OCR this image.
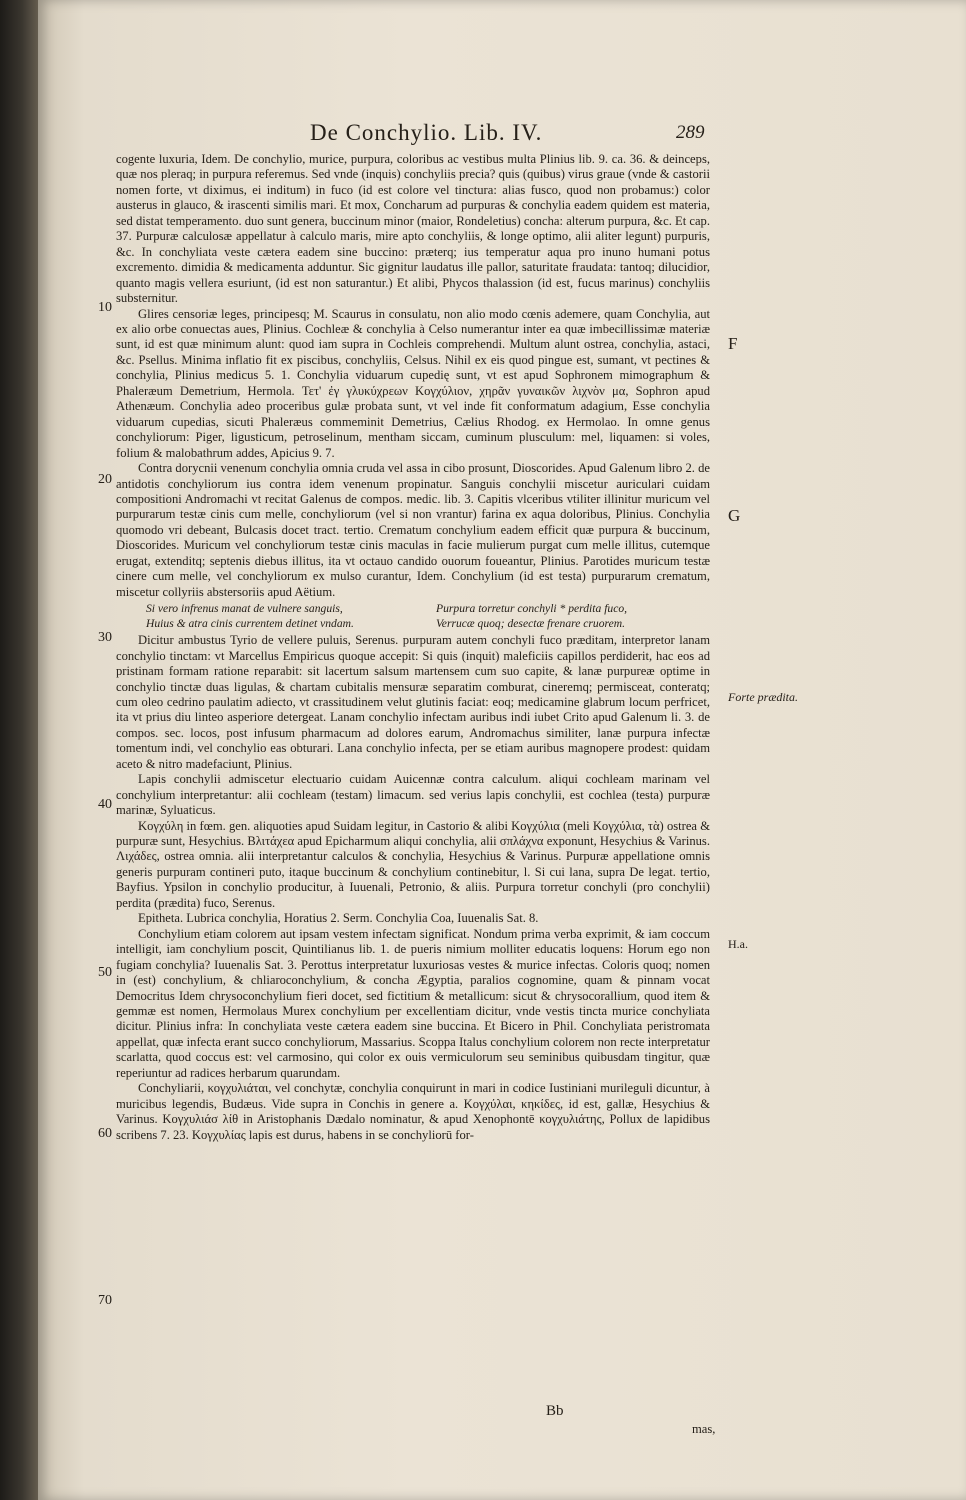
De Conchylio. Lib. IV.	289

cogente luxuria, Idem. De conchylio, murice, purpura, coloribus ac vestibus multa Plinius lib. 9. ca. 36. & deinceps, quæ nos pleraq; in purpura referemus. Sed vnde (inquis) conchyliis precia? quis (quibus) virus graue (vnde & castorii nomen forte, vt diximus, ei inditum) in fuco (id est colore vel tinctura: alias fusco, quod non probamus:) color austerus in glauco, & irascenti similis mari. Et mox, Concharum ad purpuras & conchylia eadem quidem est materia, sed distat temperamento. duo sunt genera, buccinum minor (maior, Rondeletius) concha: alterum purpura, &c. Et cap. 37. Purpuræ calculosæ appellatur à calculo maris, mire apto conchyliis, & longe optimo, alii aliter legunt) purpuris, &c. In conchyliata veste cætera eadem sine buccino: præterq; ius temperatur aqua pro inuno humani potus excremento. dimidia & medicamenta adduntur. Sic gignitur laudatus ille pallor, saturitate fraudata: tantoq; dilucidior, quanto magis vellera esuriunt, (id est non saturantur.) Et alibi, Phycos thalassion (id est, fucus marinus) conchyliis substernitur.

Glires censoriæ leges, principesq; M. Scaurus in consulatu, non alio modo cœnis ademere, quam Conchylia, aut ex alio orbe conuectas aues, Plinius. Cochleæ & conchylia à Celso numerantur inter ea quæ imbecillissimæ materiæ sunt, id est quæ minimum alunt: quod iam supra in Cochleis comprehendi. Multum alunt ostrea, conchylia, astaci, &c. Psellus. Minima inflatio fit ex piscibus, conchyliis, Celsus. Nihil ex eis quod pingue est, sumant, vt pectines & conchylia, Plinius medicus 5. 1. Conchylia viduarum cupedię sunt, vt est apud Sophronem mimographum & Phaleræum Demetrium, Hermola. Τετ' ἐγ γλυκύχρεων Κογχύλιον, χηρᾶν γυναικῶν λιχνὸν μα, Sophron apud Athenæum. Conchylia adeo proceribus gulæ probata sunt, vt vel inde fit conformatum adagium, Esse conchylia viduarum cupedias, sicuti Phaleræus commeminit Demetrius, Cælius Rhodog. ex Hermolao. In omne genus conchyliorum: Piger, ligusticum, petroselinum, mentham siccam, cuminum plusculum: mel, liquamen: si voles, folium & malobathrum addes, Apicius 9. 7.

Contra dorycnii venenum conchylia omnia cruda vel assa in cibo prosunt, Dioscorides. Apud Galenum libro 2. de antidotis conchyliorum ius contra idem venenum propinatur. Sanguis conchylii miscetur auriculari cuidam compositioni Andromachi vt recitat Galenus de compos. medic. lib. 3. Capitis vlceribus vtiliter illinitur muricum vel purpurarum testæ cinis cum melle, conchyliorum (vel si non vrantur) farina ex aqua doloribus, Plinius. Conchylia quomodo vri debeant, Bulcasis docet tract. tertio. Crematum conchylium eadem efficit quæ purpura & buccinum, Dioscorides. Muricum vel conchyliorum testæ cinis maculas in facie mulierum purgat cum melle illitus, cutemque erugat, extenditq; septenis diebus illitus, ita vt octauo candido ouorum foueantur, Plinius. Parotides muricum testæ cinere cum melle, vel conchyliorum ex mulso curantur, Idem. Conchylium (id est testa) purpurarum crematum, miscetur collyriis abstersoriis apud Aëtium.

Si vero infrenus manat de vulnere sanguis,	Purpura torretur conchyli * perdita fuco,
Huius & atra cinis currentem detinet vndam.	Verrucæ quoq; desectæ frenare cruorem.

Dicitur ambustus Tyrio de vellere puluis, Serenus. purpuram autem conchyli fuco præditam, interpretor lanam conchylio tinctam: vt Marcellus Empiricus quoque accepit: Si quis (inquit) maleficiis capillos perdiderit, hac eos ad pristinam formam ratione reparabit: sit lacertum salsum martensem cum suo capite, & lanæ purpureæ optime in conchylio tinctæ duas ligulas, & chartam cubitalis mensuræ separatim comburat, cineremq; permisceat, conteratq; cum oleo cedrino paulatim adiecto, vt crassitudinem velut glutinis faciat: eoq; medicamine glabrum locum perfricet, ita vt prius diu linteo asperiore detergeat. Lanam conchylio infectam auribus indi iubet Crito apud Galenum li. 3. de compos. sec. locos, post infusum pharmacum ad dolores earum, Andromachus similiter, lanæ purpura infectæ tomentum indi, vel conchylio eas obturari. Lana conchylio infecta, per se etiam auribus magnopere prodest: quidam aceto & nitro madefaciunt, Plinius.

Lapis conchylii admiscetur electuario cuidam Auicennæ contra calculum. aliqui cochleam marinam vel conchylium interpretantur: alii cochleam (testam) limacum. sed verius lapis conchylii, est cochlea (testa) purpuræ marinæ, Syluaticus.

Κογχύλη in fœm. gen. aliquoties apud Suidam legitur, in Castorio & alibi Κογχύλια (meli Κογχύλια, τὰ) ostrea & purpuræ sunt, Hesychius. Βλιτάχεα apud Epicharmum aliqui conchylia, alii σπλάχνα exponunt, Hesychius & Varinus. Λιχάδες, ostrea omnia. alii interpretantur calculos & conchylia, Hesychius & Varinus. Purpuræ appellatione omnis generis purpuram contineri puto, itaque buccinum & conchylium continebitur, l. Si cui lana, supra De legat. tertio, Bayfius. Ypsilon in conchylio producitur, à Iuuenali, Petronio, & aliis. Purpura torretur conchyli (pro conchylii) perdita (prædita) fuco, Serenus.

Epitheta. Lubrica conchylia, Horatius 2. Serm. Conchylia Coa, Iuuenalis Sat. 8.

Conchylium etiam colorem aut ipsam vestem infectam significat. Nondum prima verba exprimit, & iam coccum intelligit, iam conchylium poscit, Quintilianus lib. 1. de pueris nimium molliter educatis loquens: Horum ego non fugiam conchylia? Iuuenalis Sat. 3. Perottus interpretatur luxuriosas vestes & murice infectas. Coloris quoq; nomen in (est) conchylium, & chliaroconchylium, & concha Ægyptia, paralios cognomine, quam & pinnam vocat Democritus Idem chrysoconchylium fieri docet, sed fictitium & metallicum: sicut & chrysocorallium, quod item & gemmæ est nomen, Hermolaus Murex conchylium per excellentiam dicitur, vnde vestis tincta murice conchyliata dicitur. Plinius infra: In conchyliata veste cætera eadem sine buccina. Et Bicero in Phil. Conchyliata peristromata appellat, quæ infecta erant succo conchyliorum, Massarius. Scoppa Italus conchylium colorem non recte interpretatur scarlatta, quod coccus est: vel carmosino, qui color ex ouis vermiculorum seu seminibus quibusdam tingitur, quæ reperiuntur ad radices herbarum quarundam.

Conchyliarii, κογχυλιάται, vel conchytæ, conchylia conquirunt in mari in codice Iustiniani murileguli dicuntur, à muricibus legendis, Budæus. Vide supra in Conchis in genere a. Κογχύλαι, κηκίδες, id est, gallæ, Hesychius & Varinus. Κογχυλιάσ λίθ in Aristophanis Dædalo nominatur, & apud Xenophontē κογχυλιάτης, Pollux de lapidibus scribens 7. 23. Κογχυλίας lapis est durus, habens in se conchyliorū for-

10
20
30
40
50
60
70
F
G
Forte prædita.
H.a.
Bb
mas,
